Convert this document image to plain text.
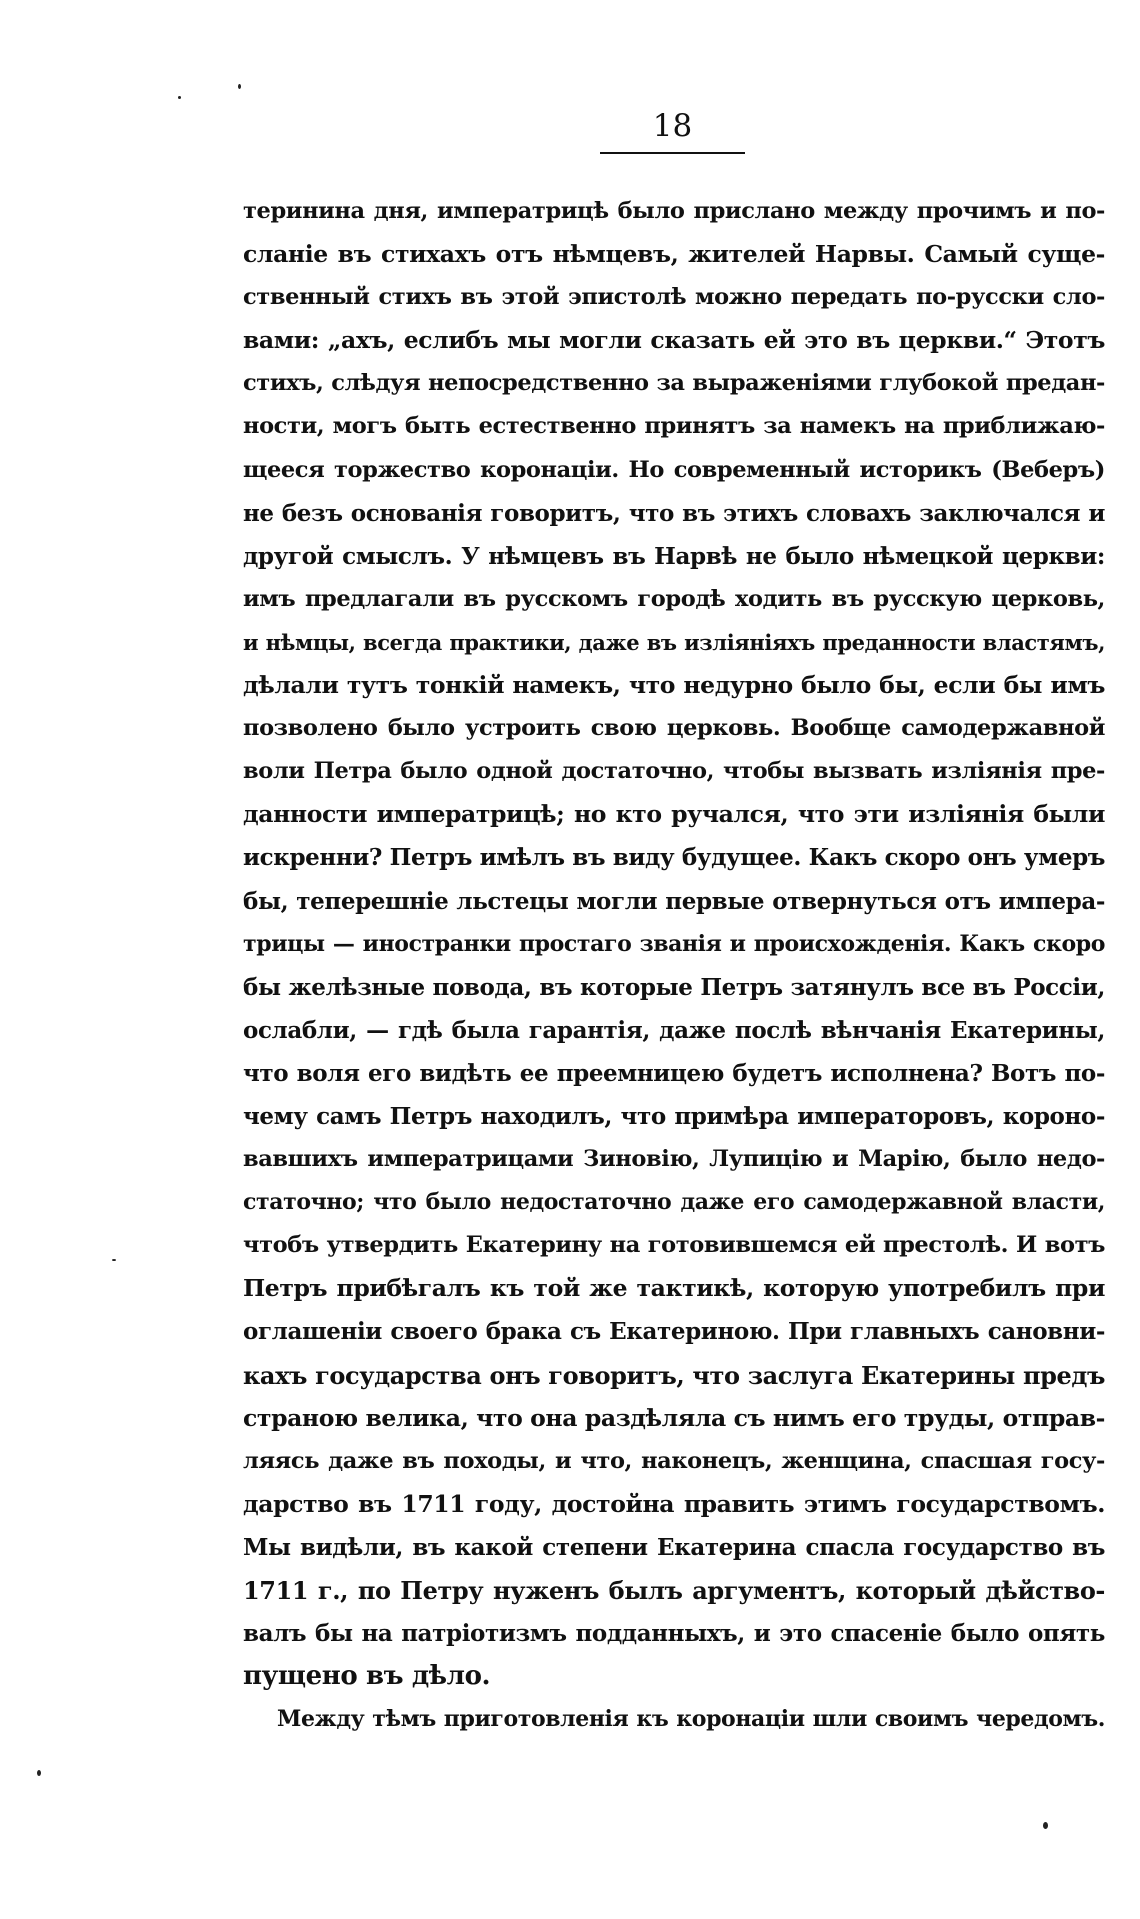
18
теринина дня, императрицѣ было прислано между прочимъ и по-
сланіе въ стихахъ отъ нѣмцевъ, жителей Нарвы. Самый суще-
ственный стихъ въ этой эпистолѣ можно передать по-русски сло-
вами: „ахъ, еслибъ мы могли сказать ей это въ церкви.“ Этотъ
стихъ, слѣдуя непосредственно за выраженіями глубокой предан-
ности, могъ быть естественно принятъ за намекъ на приближаю-
щееся торжество коронаціи. Но современный историкъ (Веберъ)
не безъ основанія говоритъ, что въ этихъ словахъ заключался и
другой смыслъ. У нѣмцевъ въ Нарвѣ не было нѣмецкой церкви:
имъ предлагали въ русскомъ городѣ ходить въ русскую церковь,
и нѣмцы, всегда практики, даже въ изліяніяхъ преданности властямъ,
дѣлали тутъ тонкій намекъ, что недурно было бы, если бы имъ
позволено было устроить свою церковь. Вообще самодержавной
воли Петра было одной достаточно, чтобы вызвать изліянія пре-
данности императрицѣ; но кто ручался, что эти изліянія были
искренни? Петръ имѣлъ въ виду будущее. Какъ скоро онъ умеръ
бы, теперешніе льстецы могли первые отвернуться отъ импера-
трицы — иностранки простаго званія и происхожденія. Какъ скоро
бы желѣзные повода, въ которые Петръ затянулъ все въ Россіи,
ослабли, — гдѣ была гарантія, даже послѣ вѣнчанія Екатерины,
что воля его видѣть ее преемницею будетъ исполнена? Вотъ по-
чему самъ Петръ находилъ, что примѣра императоровъ, короно-
вавшихъ императрицами Зиновію, Лупицію и Марію, было недо-
статочно; что было недостаточно даже его самодержавной власти,
чтобъ утвердить Екатерину на готовившемся ей престолѣ. И вотъ
Петръ прибѣгалъ къ той же тактикѣ, которую употребилъ при
оглашеніи своего брака съ Екатериною. При главныхъ сановни-
кахъ государства онъ говоритъ, что заслуга Екатерины предъ
страною велика, что она раздѣляла съ нимъ его труды, отправ-
ляясь даже въ походы, и что, наконецъ, женщина, спасшая госу-
дарство въ 1711 году, достойна править этимъ государствомъ.
Мы видѣли, въ какой степени Екатерина спасла государство въ
1711 г., по Петру нуженъ былъ аргументъ, который дѣйство-
валъ бы на патріотизмъ подданныхъ, и это спасеніе было опять
пущено въ дѣло.
Между тѣмъ приготовленія къ коронаціи шли своимъ чередомъ.
